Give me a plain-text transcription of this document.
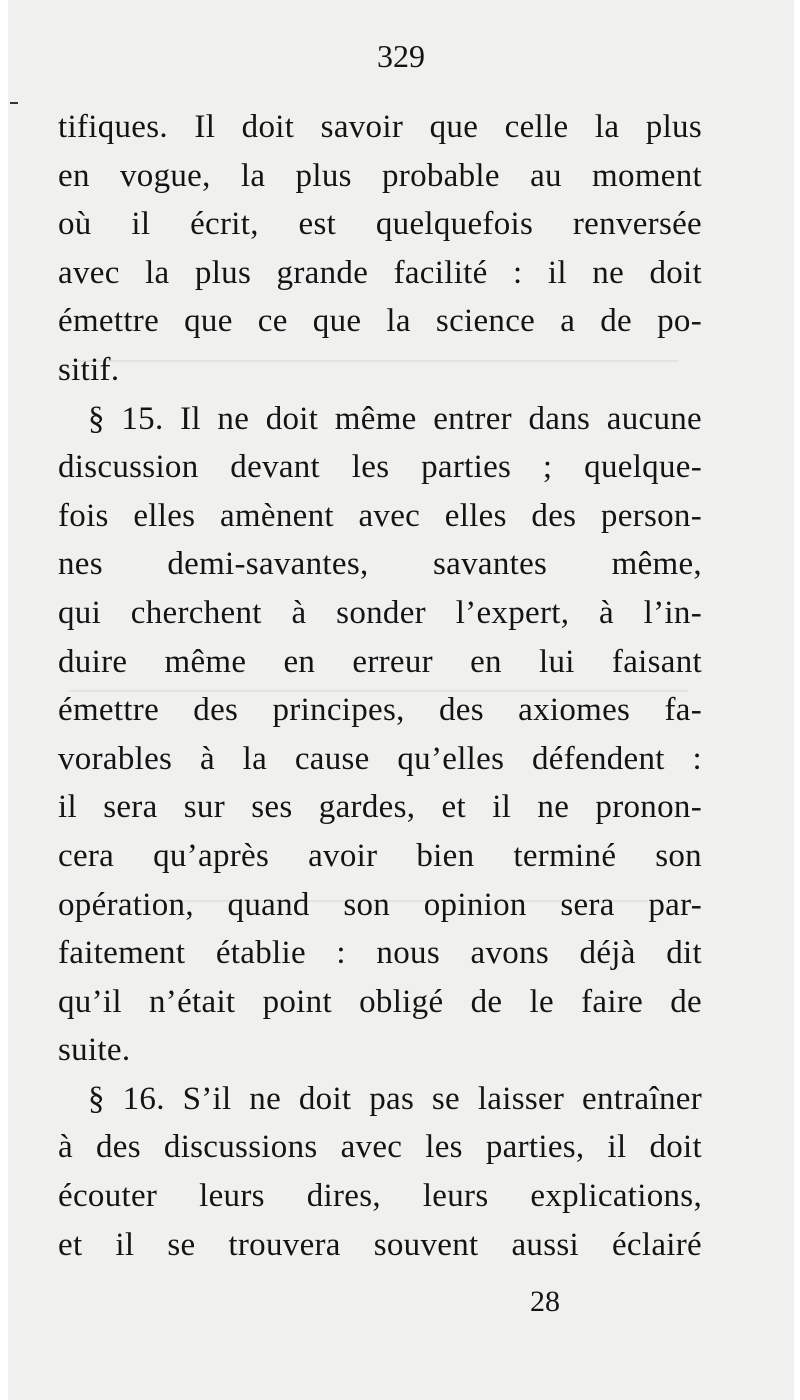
329
tifiques. Il doit savoir que celle la plus
en vogue, la plus probable au moment
où il écrit, est quelquefois renversée
avec la plus grande facilité : il ne doit
émettre que ce que la science a de po-
sitif.
§ 15. Il ne doit même entrer dans aucune
discussion devant les parties ; quelque-
fois elles amènent avec elles des person-
nes demi-savantes, savantes même,
qui cherchent à sonder l’expert, à l’in-
duire même en erreur en lui faisant
émettre des principes, des axiomes fa-
vorables à la cause qu’elles défendent :
il sera sur ses gardes, et il ne pronon-
cera qu’après avoir bien terminé son
opération, quand son opinion sera par-
faitement établie : nous avons déjà dit
qu’il n’était point obligé de le faire de
suite.
§ 16. S’il ne doit pas se laisser entraîner
à des discussions avec les parties, il doit
écouter leurs dires, leurs explications,
et il se trouvera souvent aussi éclairé
28
